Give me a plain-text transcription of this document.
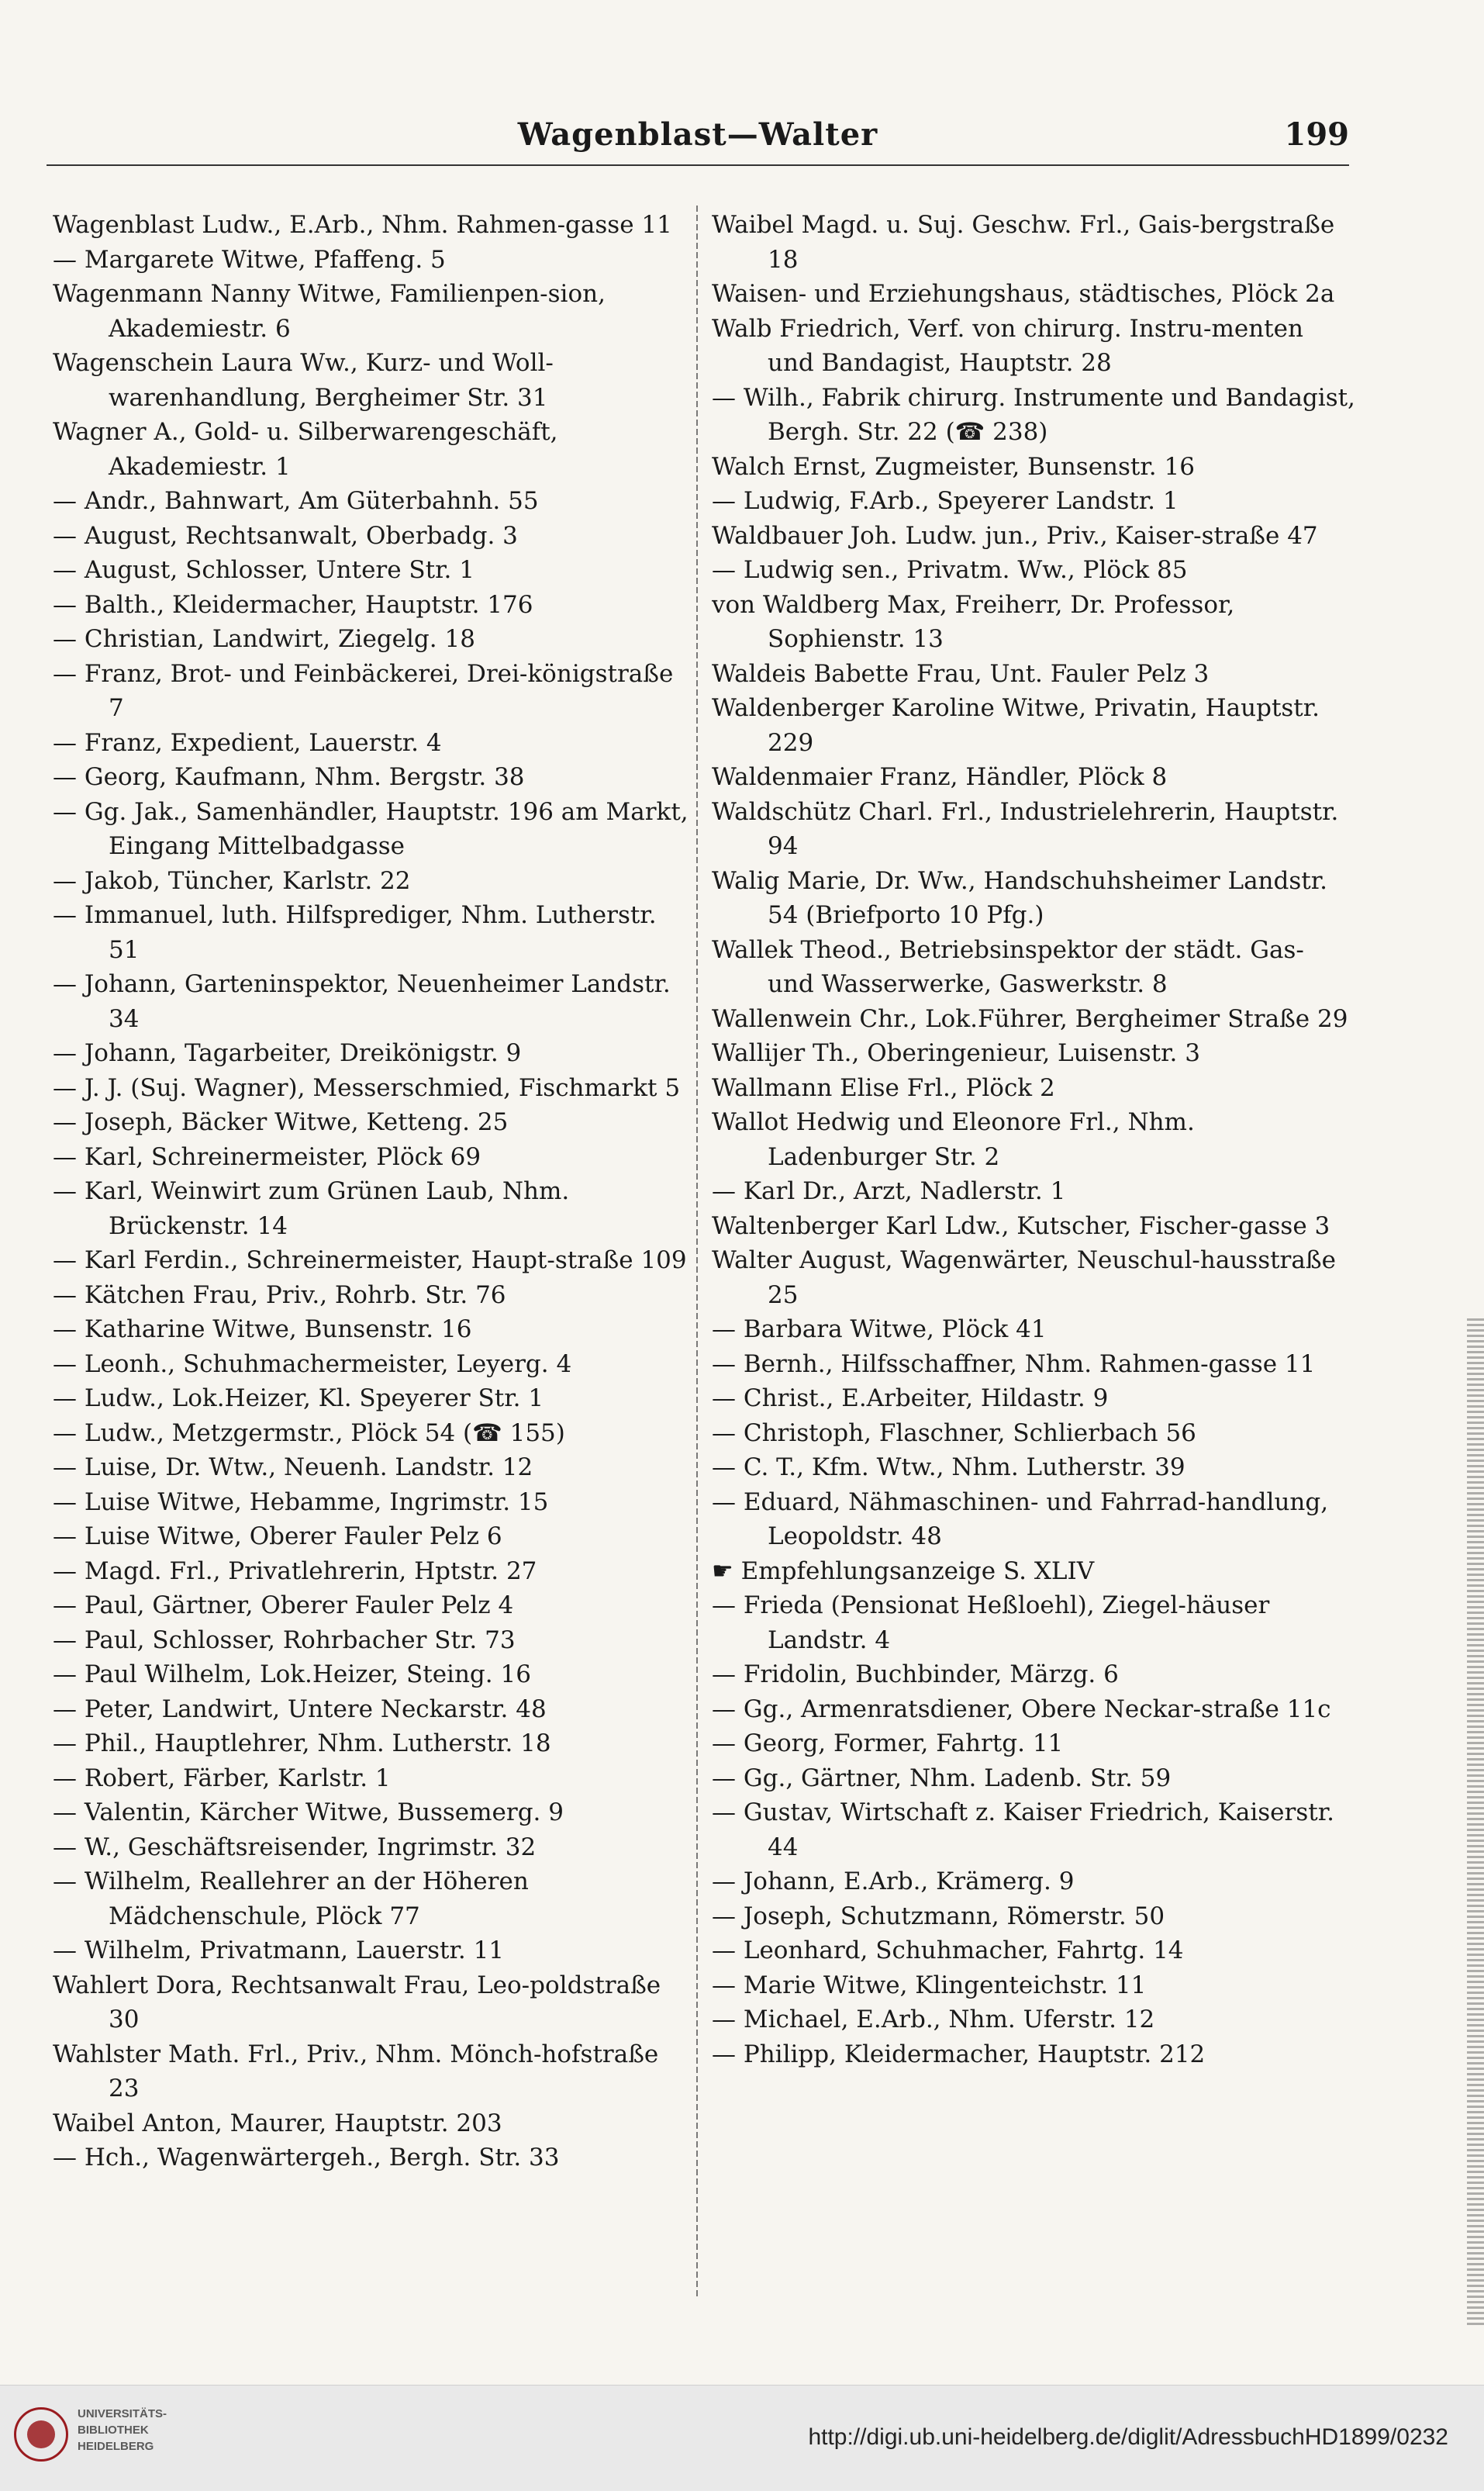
Wagenblast—Walter	199
Wagenblast Ludw., E.Arb., Nhm. Rahmen-gasse 11
— Margarete Witwe, Pfaffeng. 5
Wagenmann Nanny Witwe, Familienpen-sion, Akademiestr. 6
Wagenschein Laura Ww., Kurz- und Woll-warenhandlung, Bergheimer Str. 31
Wagner A., Gold- u. Silberwarengeschäft, Akademiestr. 1
— Andr., Bahnwart, Am Güterbahnh. 55
— August, Rechtsanwalt, Oberbadg. 3
— August, Schlosser, Untere Str. 1
— Balth., Kleidermacher, Hauptstr. 176
— Christian, Landwirt, Ziegelg. 18
— Franz, Brot- und Feinbäckerei, Drei-königstraße 7
— Franz, Expedient, Lauerstr. 4
— Georg, Kaufmann, Nhm. Bergstr. 38
— Gg. Jak., Samenhändler, Hauptstr. 196 am Markt, Eingang Mittelbadgasse
— Jakob, Tüncher, Karlstr. 22
— Immanuel, luth. Hilfsprediger, Nhm. Lutherstr. 51
— Johann, Garteninspektor, Neuenheimer Landstr. 34
— Johann, Tagarbeiter, Dreikönigstr. 9
— J. J. (Suj. Wagner), Messerschmied, Fischmarkt 5
— Joseph, Bäcker Witwe, Ketteng. 25
— Karl, Schreinermeister, Plöck 69
— Karl, Weinwirt zum Grünen Laub, Nhm. Brückenstr. 14
— Karl Ferdin., Schreinermeister, Haupt-straße 109
— Kätchen Frau, Priv., Rohrb. Str. 76
— Katharine Witwe, Bunsenstr. 16
— Leonh., Schuhmachermeister, Leyerg. 4
— Ludw., Lok.Heizer, Kl. Speyerer Str. 1
— Ludw., Metzgermstr., Plöck 54 (☎ 155)
— Luise, Dr. Wtw., Neuenh. Landstr. 12
— Luise Witwe, Hebamme, Ingrimstr. 15
— Luise Witwe, Oberer Fauler Pelz 6
— Magd. Frl., Privatlehrerin, Hptstr. 27
— Paul, Gärtner, Oberer Fauler Pelz 4
— Paul, Schlosser, Rohrbacher Str. 73
— Paul Wilhelm, Lok.Heizer, Steing. 16
— Peter, Landwirt, Untere Neckarstr. 48
— Phil., Hauptlehrer, Nhm. Lutherstr. 18
— Robert, Färber, Karlstr. 1
— Valentin, Kärcher Witwe, Bussemerg. 9
— W., Geschäftsreisender, Ingrimstr. 32
— Wilhelm, Reallehrer an der Höheren Mädchenschule, Plöck 77
— Wilhelm, Privatmann, Lauerstr. 11
Wahlert Dora, Rechtsanwalt Frau, Leo-poldstraße 30
Wahlster Math. Frl., Priv., Nhm. Mönch-hofstraße 23
Waibel Anton, Maurer, Hauptstr. 203
— Hch., Wagenwärtergeh., Bergh. Str. 33
Waibel Magd. u. Suj. Geschw. Frl., Gais-bergstraße 18
Waisen- und Erziehungshaus, städtisches, Plöck 2a
Walb Friedrich, Verf. von chirurg. Instru-menten und Bandagist, Hauptstr. 28
— Wilh., Fabrik chirurg. Instrumente und Bandagist, Bergh. Str. 22 (☎ 238)
Walch Ernst, Zugmeister, Bunsenstr. 16
— Ludwig, F.Arb., Speyerer Landstr. 1
Waldbauer Joh. Ludw. jun., Priv., Kaiser-straße 47
— Ludwig sen., Privatm. Ww., Plöck 85
von Waldberg Max, Freiherr, Dr. Professor, Sophienstr. 13
Waldeis Babette Frau, Unt. Fauler Pelz 3
Waldenberger Karoline Witwe, Privatin, Hauptstr. 229
Waldenmaier Franz, Händler, Plöck 8
Waldschütz Charl. Frl., Industrielehrerin, Hauptstr. 94
Walig Marie, Dr. Ww., Handschuhsheimer Landstr. 54 (Briefporto 10 Pfg.)
Wallek Theod., Betriebsinspektor der städt. Gas- und Wasserwerke, Gaswerkstr. 8
Wallenwein Chr., Lok.Führer, Bergheimer Straße 29
Wallijer Th., Oberingenieur, Luisenstr. 3
Wallmann Elise Frl., Plöck 2
Wallot Hedwig und Eleonore Frl., Nhm. Ladenburger Str. 2
— Karl Dr., Arzt, Nadlerstr. 1
Waltenberger Karl Ldw., Kutscher, Fischer-gasse 3
Walter August, Wagenwärter, Neuschul-hausstraße 25
— Barbara Witwe, Plöck 41
— Bernh., Hilfsschaffner, Nhm. Rahmen-gasse 11
— Christ., E.Arbeiter, Hildastr. 9
— Christoph, Flaschner, Schlierbach 56
— C. T., Kfm. Wtw., Nhm. Lutherstr. 39
— Eduard, Nähmaschinen- und Fahrrad-handlung, Leopoldstr. 48
☛ Empfehlungsanzeige S. XLIV
— Frieda (Pensionat Heßloehl), Ziegel-häuser Landstr. 4
— Fridolin, Buchbinder, Märzg. 6
— Gg., Armenratsdiener, Obere Neckar-straße 11c
— Georg, Former, Fahrtg. 11
— Gg., Gärtner, Nhm. Ladenb. Str. 59
— Gustav, Wirtschaft z. Kaiser Friedrich, Kaiserstr. 44
— Johann, E.Arb., Krämerg. 9
— Joseph, Schutzmann, Römerstr. 50
— Leonhard, Schuhmacher, Fahrtg. 14
— Marie Witwe, Klingenteichstr. 11
— Michael, E.Arb., Nhm. Uferstr. 12
— Philipp, Kleidermacher, Hauptstr. 212
UNIVERSITÄTS-
BIBLIOTHEK
HEIDELBERG	http://digi.ub.uni-heidelberg.de/diglit/AdressbuchHD1899/0232
